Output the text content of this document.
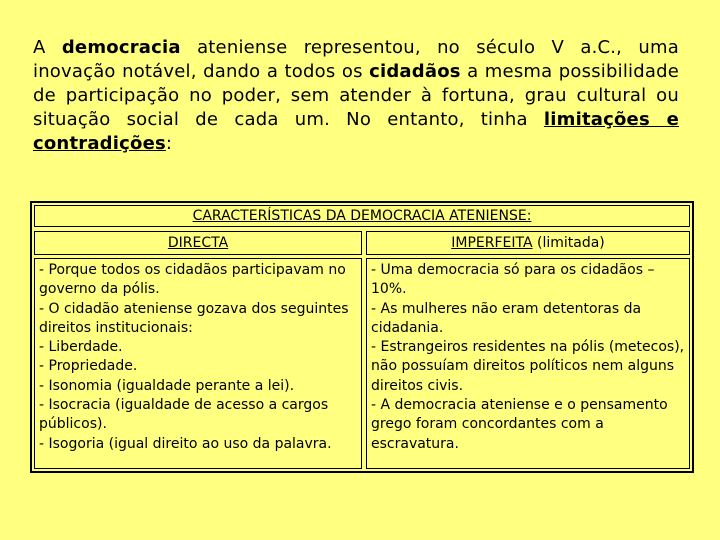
A democracia ateniense representou, no século V a.C., uma inovação notável, dando a todos os cidadãos a mesma possibilidade de participação no poder, sem atender à fortuna, grau cultural ou situação social de cada um. No entanto, tinha limitações e contradições:
CARACTERÍSTICAS DA DEMOCRACIA ATENIENSE:
DIRECTA	IMPERFEITA (limitada)
- Porque todos os cidadãos participavam no governo da pólis.
- O cidadão ateniense gozava dos seguintes direitos institucionais:
- Liberdade.
- Propriedade.
- Isonomia (igualdade perante a lei).
- Isocracia (igualdade de acesso a cargos públicos).
- Isogoria (igual direito ao uso da palavra.
- Uma democracia só para os cidadãos – 10%.
- As mulheres não eram detentoras da cidadania.
- Estrangeiros residentes na pólis (metecos), não possuíam direitos políticos nem alguns direitos civis.
- A democracia ateniense e o pensamento grego foram concordantes com a escravatura.
